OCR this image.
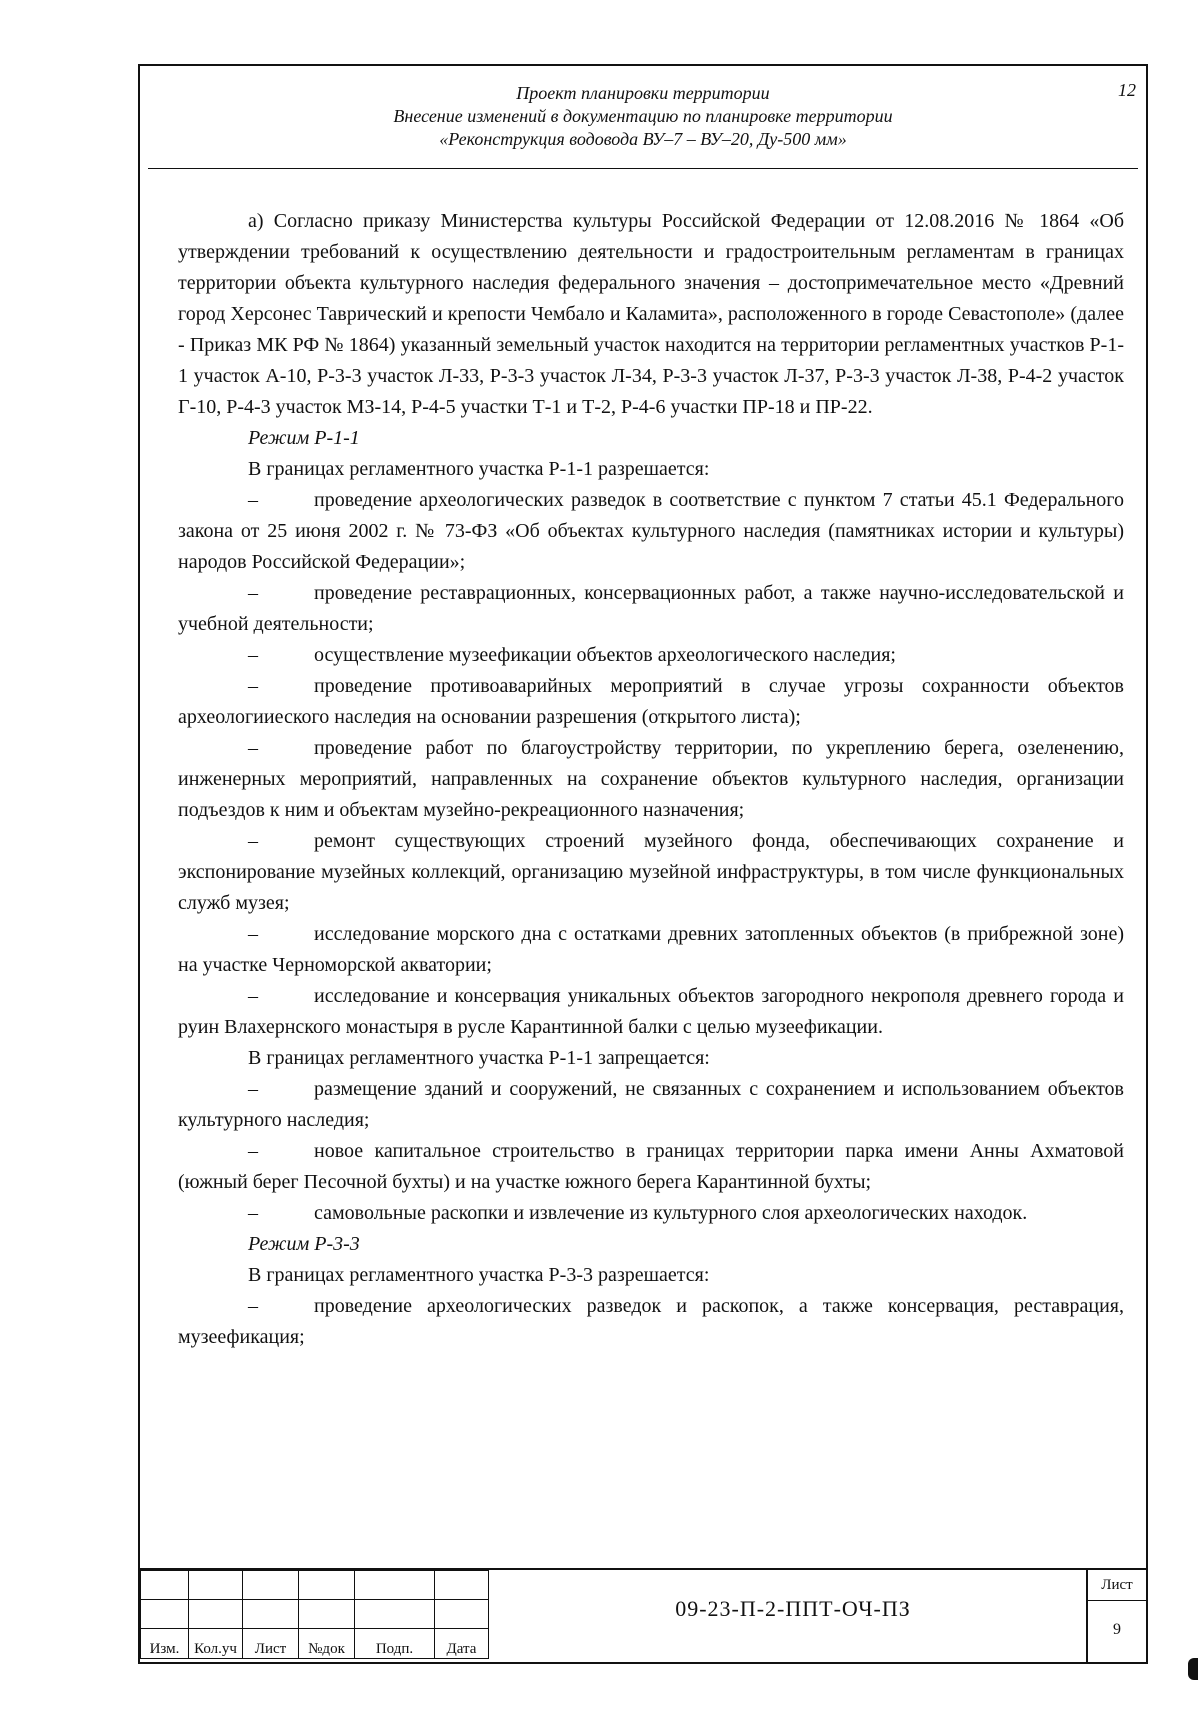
Проект планировки территории
Внесение изменений в документацию по планировке территории
«Реконструкция водовода ВУ–7 – ВУ–20, Ду-500 мм»
12

а) Согласно приказу Министерства культуры Российской Федерации от 12.08.2016 № 1864 «Об утверждении требований к осуществлению деятельности и градостроительным регламентам в границах территории объекта культурного наследия федерального значения – достопримечательное место «Древний город Херсонес Таврический и крепости Чембало и Каламита», расположенного в городе Севастополе» (далее - Приказ МК РФ № 1864) указанный земельный участок находится на территории регламентных участков Р-1-1 участок А-10, Р-3-3 участок Л-33, Р-3-3 участок Л-34, Р-3-3 участок Л-37, Р-3-3 участок Л-38, Р-4-2 участок Г-10, Р-4-3 участок МЗ-14, Р-4-5 участки Т-1 и Т-2, Р-4-6 участки ПР-18 и ПР-22.

Режим Р-1-1

В границах регламентного участка Р-1-1 разрешается:

–	проведение археологических разведок в соответствие с пунктом 7 статьи 45.1 Федерального закона от 25 июня 2002 г. № 73-ФЗ «Об объектах культурного наследия (памятниках истории и культуры) народов Российской Федерации»;

–	проведение реставрационных, консервационных работ, а также научно-исследовательской и учебной деятельности;

–	осуществление музеефикации объектов археологического наследия;

–	проведение противоаварийных мероприятий в случае угрозы сохранности объектов археологииеского наследия на основании разрешения (открытого листа);

–	проведение работ по благоустройству территории, по укреплению берега, озеленению, инженерных мероприятий, направленных на сохранение объектов культурного наследия, организации подъездов к ним и объектам музейно-рекреационного назначения;

–	ремонт существующих строений музейного фонда, обеспечивающих сохранение и экспонирование музейных коллекций, организацию музейной инфраструктуры, в том числе функциональных служб музея;

–	исследование морского дна с остатками древних затопленных объектов (в прибрежной зоне) на участке Черноморской акватории;

–	исследование и консервация уникальных объектов загородного некрополя древнего города и руин Влахернского монастыря в русле Карантинной балки с целью музеефикации.

В границах регламентного участка Р-1-1 запрещается:

–	размещение зданий и сооружений, не связанных с сохранением и использованием объектов культурного наследия;

–	новое капитальное строительство в границах территории парка имени Анны Ахматовой (южный берег Песочной бухты) и на участке южного берега Карантинной бухты;

–	самовольные раскопки и извлечение из культурного слоя археологических находок.

Режим Р-3-3

В границах регламентного участка Р-3-3 разрешается:

–	проведение археологических разведок и раскопок, а также консервация, реставрация, музеефикация;

Изм.	Кол.уч	Лист	№док	Подп.	Дата
09-23-П-2-ППТ-ОЧ-ПЗ
Лист
9
